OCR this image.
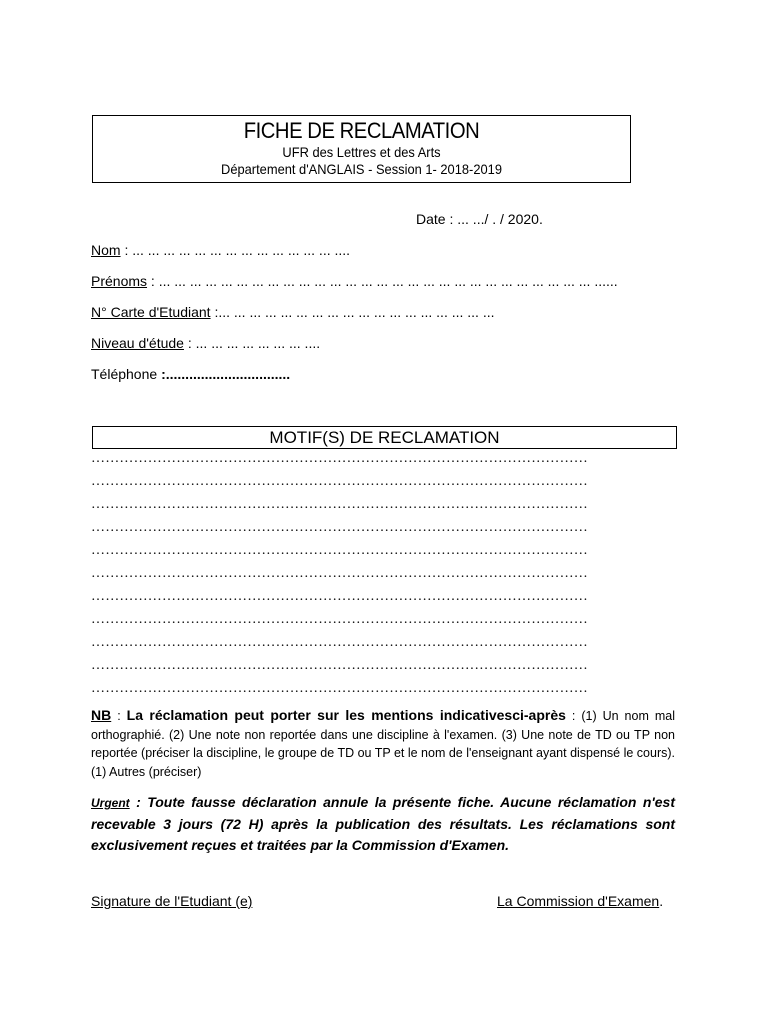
FICHE DE RECLAMATION
UFR des Lettres et des Arts
Département d'ANGLAIS - Session 1- 2018-2019
Date : ... .../ . / 2020.
Nom : ... ... ... ... ... ... ... ... ... ... ... ... ... ....
Prénoms : ... ... ... ... ... ... ... ... ... ... ... ... ... ... ... ... ... ... ... ... ... ... ... ... ... ... ... ... ......
N° Carte d'Etudiant :... ... ... ... ... ... ... ... ... ... ... ... ... ... ... ... ... ...
Niveau d'étude : ... ... ... ... ... ... ... ....
Téléphone :................................
MOTIF(S) DE RECLAMATION
……………………………………………………………………………………………
……………………………………………………………………………………………
……………………………………………………………………………………………
……………………………………………………………………………………………
……………………………………………………………………………………………
……………………………………………………………………………………………
……………………………………………………………………………………………
……………………………………………………………………………………………
……………………………………………………………………………………………
……………………………………………………………………………………………
……………………………………………………………………………………………
NB : La réclamation peut porter sur les mentions indicativesci-après : (1) Un nom mal orthographié. (2) Une note non reportée dans une discipline à l'examen. (3) Une note de TD ou TP non reportée (préciser la discipline, le groupe de TD ou TP et le nom de l'enseignant ayant dispensé le cours). (1) Autres (préciser)
Urgent : Toute fausse déclaration annule la présente fiche. Aucune réclamation n'est recevable 3 jours (72 H) après la publication des résultats. Les réclamations sont exclusivement reçues et traitées par la Commission d'Examen.
Signature de l'Etudiant (e)	La Commission d'Examen.
